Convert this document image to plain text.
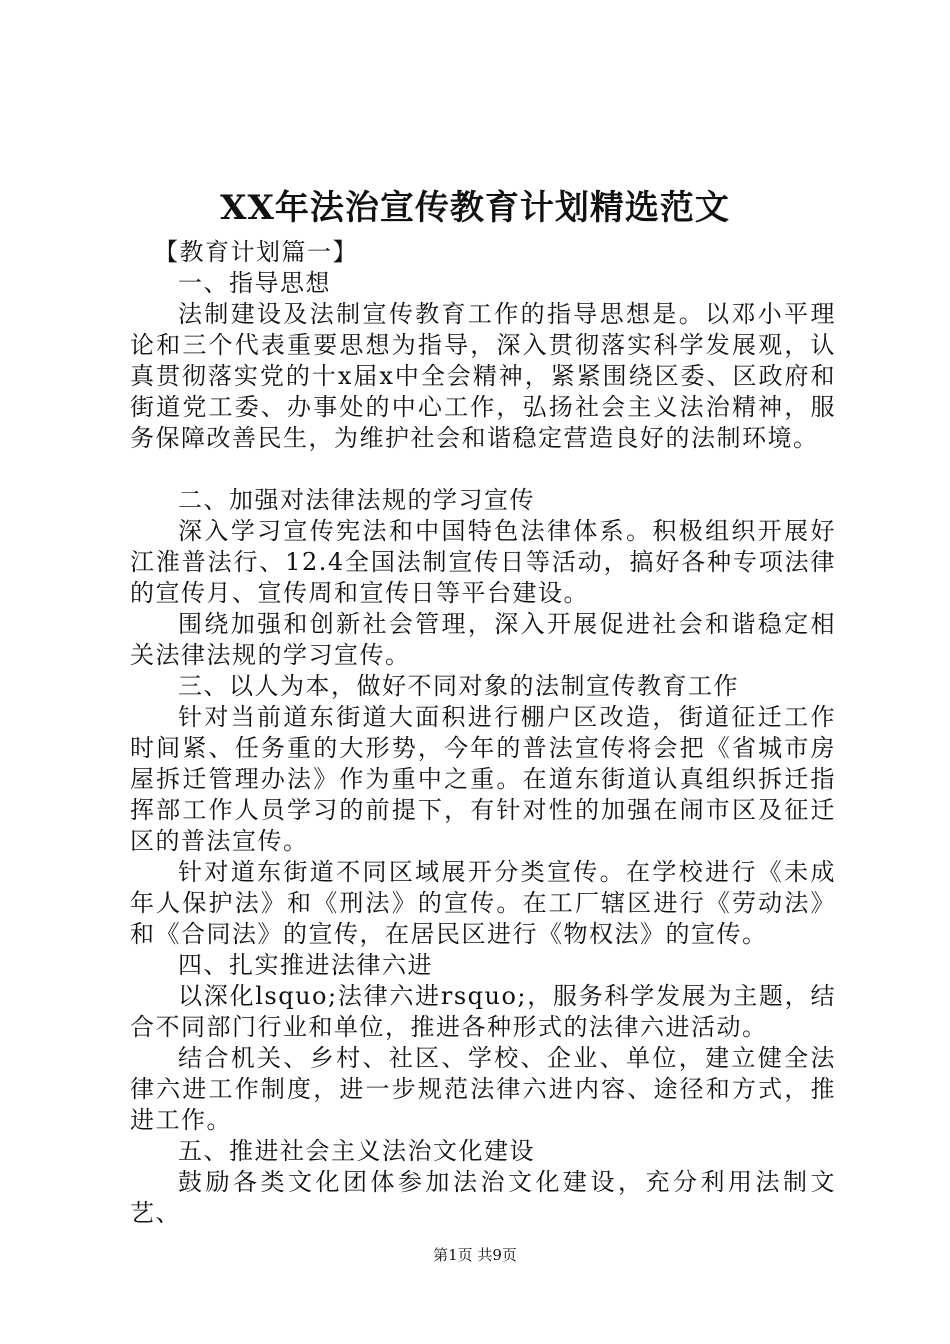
XX年法治宣传教育计划精选范文

【教育计划篇一】

一、指导思想

法制建设及法制宣传教育工作的指导思想是。以邓小平理论和三个代表重要思想为指导，深入贯彻落实科学发展观，认真贯彻落实党的十x届x中全会精神，紧紧围绕区委、区政府和街道党工委、办事处的中心工作，弘扬社会主义法治精神，服务保障改善民生，为维护社会和谐稳定营造良好的法制环境。

二、加强对法律法规的学习宣传

深入学习宣传宪法和中国特色法律体系。积极组织开展好江淮普法行、12.4全国法制宣传日等活动，搞好各种专项法律的宣传月、宣传周和宣传日等平台建设。

围绕加强和创新社会管理，深入开展促进社会和谐稳定相关法律法规的学习宣传。

三、以人为本，做好不同对象的法制宣传教育工作

针对当前道东街道大面积进行棚户区改造，街道征迁工作时间紧、任务重的大形势，今年的普法宣传将会把《省城市房屋拆迁管理办法》作为重中之重。在道东街道认真组织拆迁指挥部工作人员学习的前提下，有针对性的加强在闹市区及征迁区的普法宣传。

针对道东街道不同区域展开分类宣传。在学校进行《未成年人保护法》和《刑法》的宣传。在工厂辖区进行《劳动法》和《合同法》的宣传，在居民区进行《物权法》的宣传。

四、扎实推进法律六进

以深化lsquo;法律六进rsquo;，服务科学发展为主题，结合不同部门行业和单位，推进各种形式的法律六进活动。

结合机关、乡村、社区、学校、企业、单位，建立健全法律六进工作制度，进一步规范法律六进内容、途径和方式，推进工作。

五、推进社会主义法治文化建设

鼓励各类文化团体参加法治文化建设，充分利用法制文艺、

第1页 共9页
